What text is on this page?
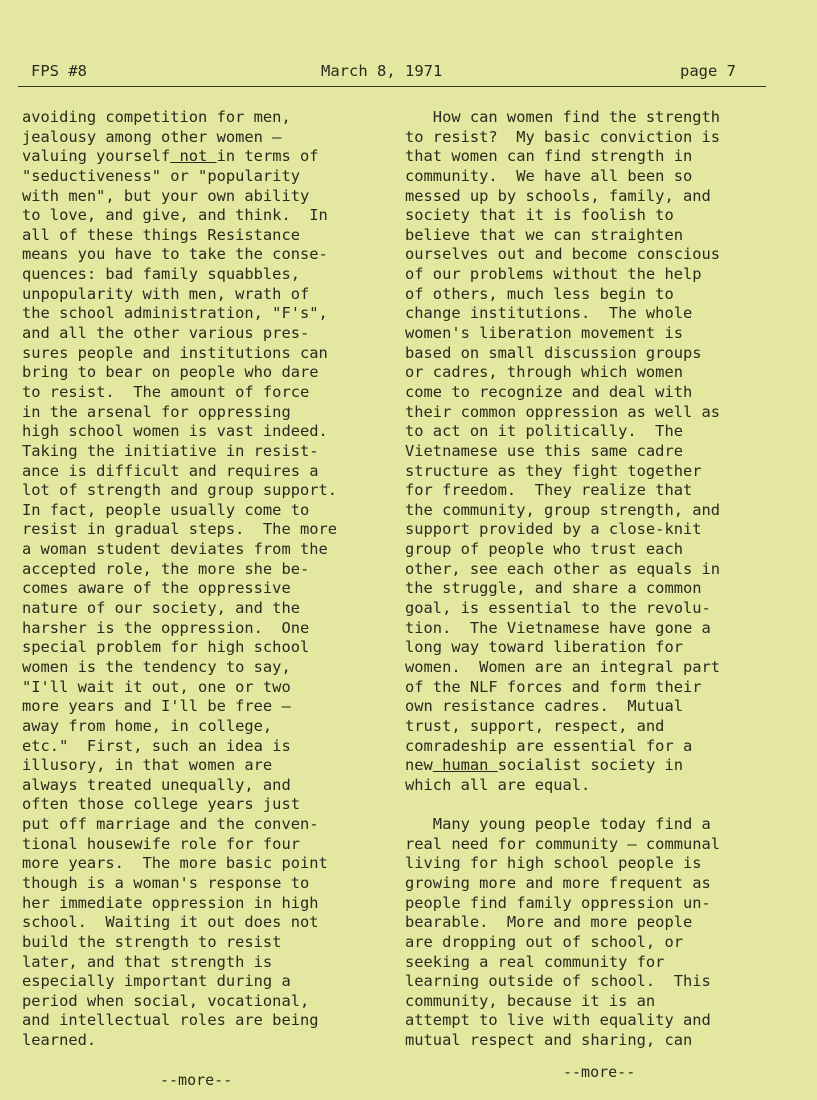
FPS #8	March 8, 1971	page 7
avoiding competition for men,
jealousy among other women —
valuing yourself not in terms of
"seductiveness" or "popularity
with men", but your own ability
to love, and give, and think.  In
all of these things Resistance
means you have to take the conse-
quences: bad family squabbles,
unpopularity with men, wrath of
the school administration, "F's",
and all the other various pres-
sures people and institutions can
bring to bear on people who dare
to resist.  The amount of force
in the arsenal for oppressing
high school women is vast indeed.
Taking the initiative in resist-
ance is difficult and requires a
lot of strength and group support.
In fact, people usually come to
resist in gradual steps.  The more
a woman student deviates from the
accepted role, the more she be-
comes aware of the oppressive
nature of our society, and the
harsher is the oppression.  One
special problem for high school
women is the tendency to say,
"I'll wait it out, one or two
more years and I'll be free —
away from home, in college,
etc."  First, such an idea is
illusory, in that women are
always treated unequally, and
often those college years just
put off marriage and the conven-
tional housewife role for four
more years.  The more basic point
though is a woman's response to
her immediate oppression in high
school.  Waiting it out does not
build the strength to resist
later, and that strength is
especially important during a
period when social, vocational,
and intellectual roles are being
learned.
How can women find the strength
to resist?  My basic conviction is
that women can find strength in
community.  We have all been so
messed up by schools, family, and
society that it is foolish to
believe that we can straighten
ourselves out and become conscious
of our problems without the help
of others, much less begin to
change institutions.  The whole
women's liberation movement is
based on small discussion groups
or cadres, through which women
come to recognize and deal with
their common oppression as well as
to act on it politically.  The
Vietnamese use this same cadre
structure as they fight together
for freedom.  They realize that
the community, group strength, and
support provided by a close-knit
group of people who trust each
other, see each other as equals in
the struggle, and share a common
goal, is essential to the revolu-
tion.  The Vietnamese have gone a
long way toward liberation for
women.  Women are an integral part
of the NLF forces and form their
own resistance cadres.  Mutual
trust, support, respect, and
comradeship are essential for a
new human socialist society in
which all are equal.
Many young people today find a
real need for community — communal
living for high school people is
growing more and more frequent as
people find family oppression un-
bearable.  More and more people
are dropping out of school, or
seeking a real community for
learning outside of school.  This
community, because it is an
attempt to live with equality and
mutual respect and sharing, can
--more--	--more--
